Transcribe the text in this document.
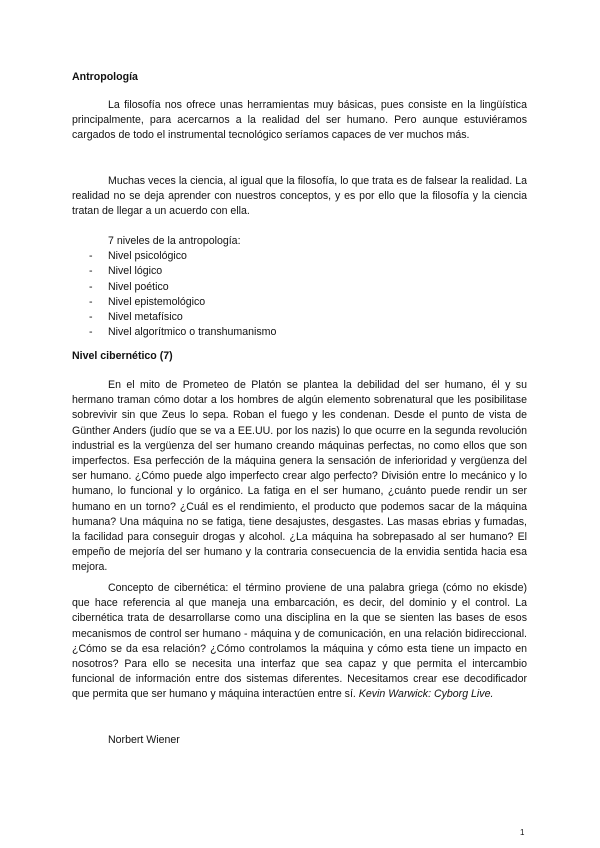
Antropología

La filosofía nos ofrece unas herramientas muy básicas, pues consiste en la lingüística principalmente, para acercarnos a la realidad del ser humano. Pero aunque estuviéramos cargados de todo el instrumental tecnológico seríamos capaces de ver muchos más.

Muchas veces la ciencia, al igual que la filosofía, lo que trata es de falsear la realidad. La realidad no se deja aprender con nuestros conceptos, y es por ello que la filosofía y la ciencia tratan de llegar a un acuerdo con ella.

7 niveles de la antropología:
- Nivel psicológico
- Nivel lógico
- Nivel poético
- Nivel epistemológico
- Nivel metafísico
- Nivel algorítmico o transhumanismo
Nivel cibernético (7)

En el mito de Prometeo de Platón se plantea la debilidad del ser humano, él y su hermano traman cómo dotar a los hombres de algún elemento sobrenatural que les posibilitase sobrevivir sin que Zeus lo sepa. Roban el fuego y les condenan. Desde el punto de vista de Günther Anders (judío que se va a EE.UU. por los nazis) lo que ocurre en la segunda revolución industrial es la vergüenza del ser humano creando máquinas perfectas, no como ellos que son imperfectos. Esa perfección de la máquina genera la sensación de inferioridad y vergüenza del ser humano. ¿Cómo puede algo imperfecto crear algo perfecto? División entre lo mecánico y lo humano, lo funcional y lo orgánico. La fatiga en el ser humano, ¿cuánto puede rendir un ser humano en un torno? ¿Cuál es el rendimiento, el producto que podemos sacar de la máquina humana? Una máquina no se fatiga, tiene desajustes, desgastes. Las masas ebrias y fumadas, la facilidad para conseguir drogas y alcohol. ¿La máquina ha sobrepasado al ser humano? El empeño de mejoría del ser humano y la contraria consecuencia de la envidia sentida hacia esa mejora.

Concepto de cibernética: el término proviene de una palabra griega (cómo no ekisde) que hace referencia al que maneja una embarcación, es decir, del dominio y el control. La cibernética trata de desarrollarse como una disciplina en la que se sienten las bases de esos mecanismos de control ser humano - máquina y de comunicación, en una relación bidireccional. ¿Cómo se da esa relación? ¿Cómo controlamos la máquina y cómo esta tiene un impacto en nosotros? Para ello se necesita una interfaz que sea capaz y que permita el intercambio funcional de información entre dos sistemas diferentes. Necesitamos crear ese decodificador que permita que ser humano y máquina interactúen entre sí. Kevin Warwick: Cyborg Live.

Norbert Wiener
1
